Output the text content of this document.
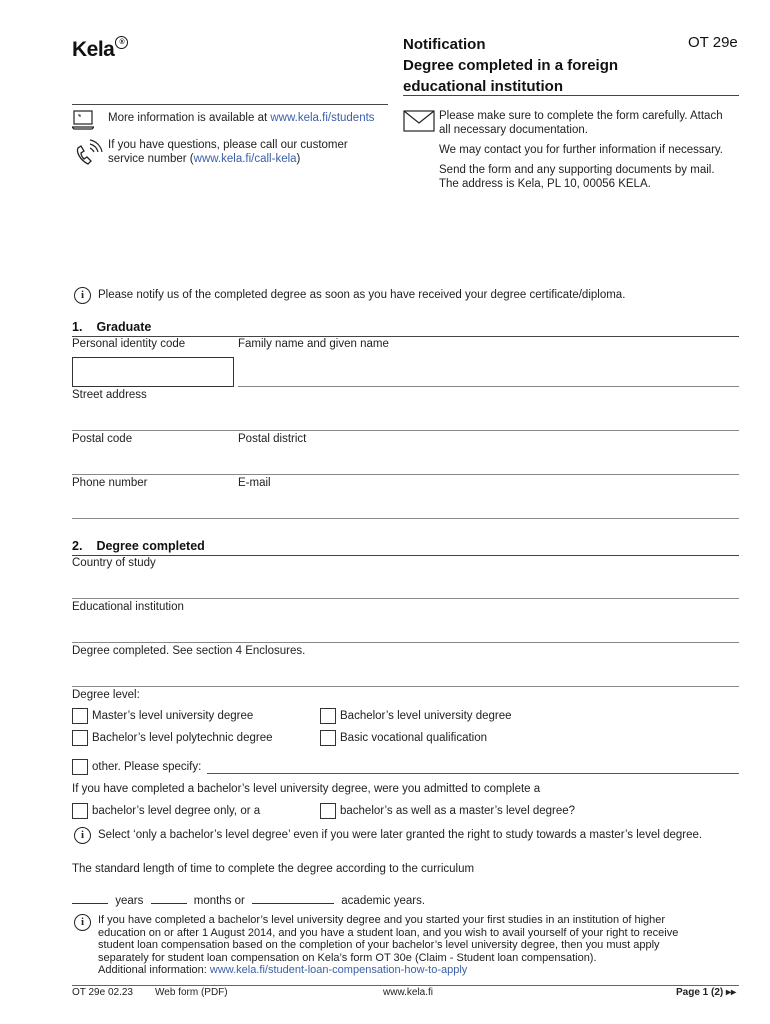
Kela ®	Notification
Degree completed in a foreign
educational institution
OT 29e
More information is available at www.kela.fi/students
If you have questions, please call our customer
service number (www.kela.fi/call-kela)
Please make sure to complete the form carefully. Attach
all necessary documentation.
We may contact you for further information if necessary.
Send the form and any supporting documents by mail.
The address is Kela, PL 10, 00056 KELA.
i	Please notify us of the completed degree as soon as you have received your degree certificate/diploma.
1. Graduate
Personal identity code	Family name and given name
Street address
Postal code	Postal district
Phone number	E-mail
2. Degree completed
Country of study
Educational institution
Degree completed. See section 4 Enclosures.
Degree level:
Master’s level university degree	Bachelor’s level university degree
Bachelor’s level polytechnic degree	Basic vocational qualification
other. Please specify:
If you have completed a bachelor’s level university degree, were you admitted to complete a
bachelor’s level degree only, or a	bachelor’s as well as a master’s level degree?
i	Select ‘only a bachelor’s level degree’ even if you were later granted the right to study towards a master’s level degree.
The standard length of time to complete the degree according to the curriculum
years	months or	academic years.
i	If you have completed a bachelor’s level university degree and you started your first studies in an institution of higher
education on or after 1 August 2014, and you have a student loan, and you wish to avail yourself of your right to receive
student loan compensation based on the completion of your bachelor’s level university degree, then you must apply
separately for student loan compensation on Kela’s form OT 30e (Claim - Student loan compensation).
Additional information: www.kela.fi/student-loan-compensation-how-to-apply
OT 29e 02.23 Web form (PDF)	www.kela.fi	Page 1 (2) ▸▸
